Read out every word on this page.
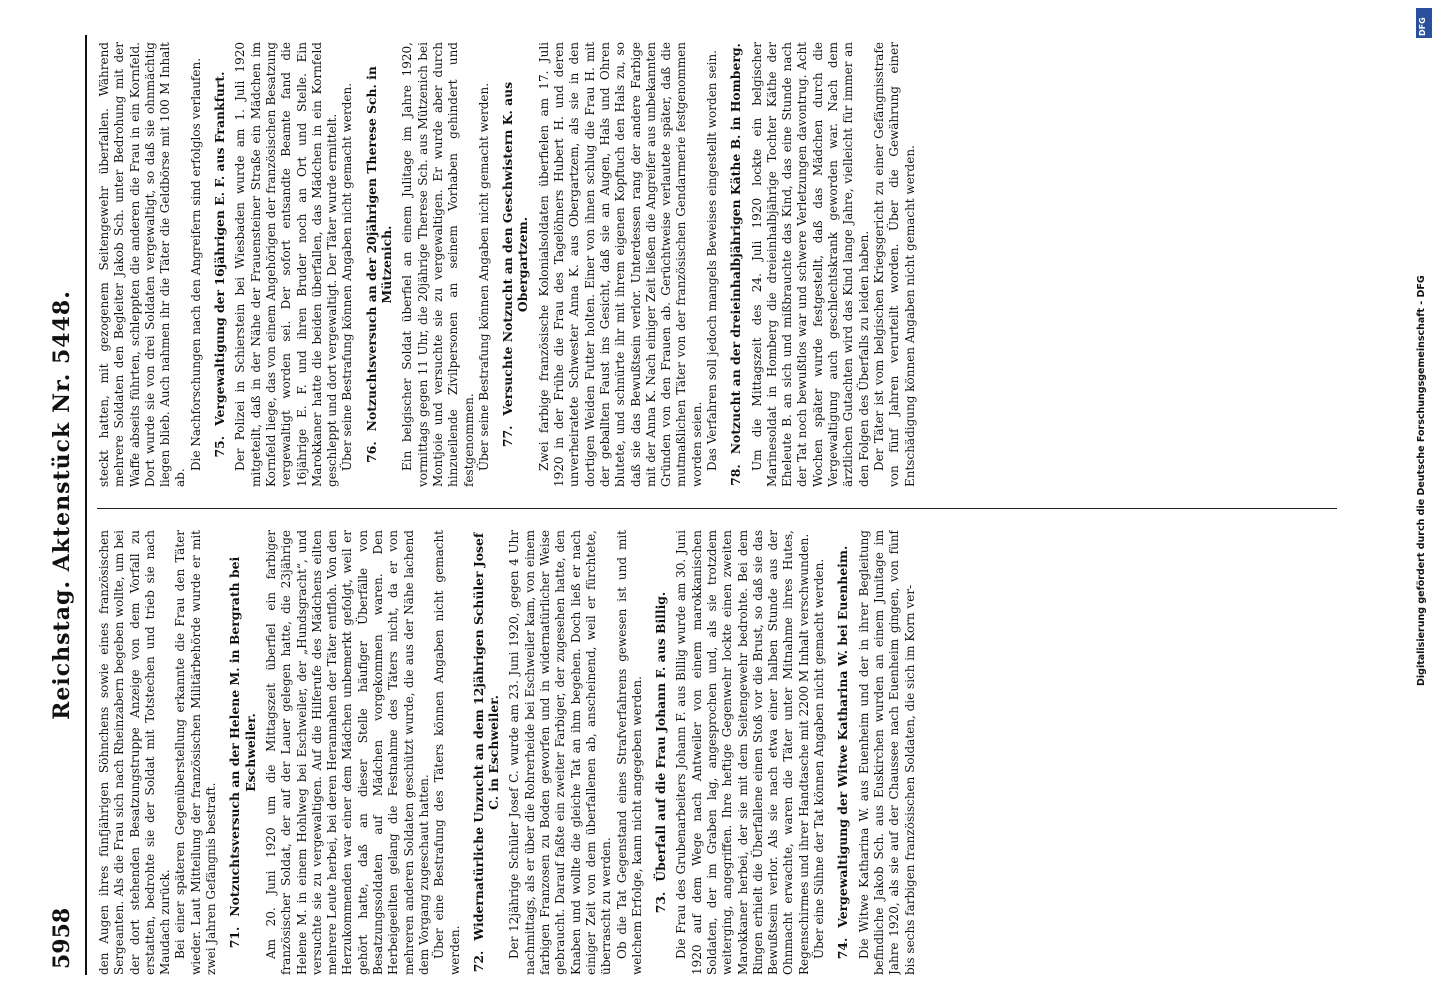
5958
Reichstag. Aktenstück Nr. 5448.

den Augen ihres fünfjährigen Söhnchens sowie eines französischen Sergeanten. Als die Frau sich nach Rheinzabern begeben wollte, um bei der dort stehenden Besatzungstruppe Anzeige von dem Vorfall zu erstatten, bedrohte sie der Soldat mit Totstechen und trieb sie nach Maudach zurück. Bei einer späteren Gegenüberstellung erkannte die Frau den Täter wieder. Laut Mitteilung der französischen Militärbehörde wurde er mit zwei Jahren Gefängnis bestraft. 71.Notzuchtsversuch an der Helene M. in Bergrath bei Eschweiler. Am 20. Juni 1920 um die Mittagszeit überfiel ein farbiger französischer Soldat, der auf der Lauer gelegen hatte, die 23jährige Helene M. in einem Hohlweg bei Eschweiler, der „Hundsgracht“, und versuchte sie zu vergewaltigen. Auf die Hilferufe des Mädchens eilten mehrere Leute herbei, bei deren Herannahen der Täter entfloh. Von den Herzukommenden war einer dem Mädchen unbemerkt gefolgt, weil er gehört hatte, daß an dieser Stelle häufiger Überfälle von Besatzungssoldaten auf Mädchen vorgekommen waren. Den Herbeigeeilten gelang die Festnahme des Täters nicht, da er von mehreren anderen Soldaten geschützt wurde, die aus der Nähe lachend dem Vorgang zugeschaut hatten. Über eine Bestrafung des Täters können Angaben nicht gemacht werden. 72.Widernatürliche Unzucht an dem 12jährigen Schüler Josef C. in Eschweiler. Der 12jährige Schüler Josef C. wurde am 23. Juni 1920, gegen 4 Uhr nachmittags, als er über die Rohrerheide bei Eschweiler kam, von einem farbigen Franzosen zu Boden geworfen und in widernatürlicher Weise gebraucht. Darauf faßte ein zweiter Farbiger, der zugesehen hatte, den Knaben und wollte die gleiche Tat an ihm begehen. Doch ließ er nach einiger Zeit von dem überfallenen ab, anscheinend, weil er fürchtete, überrascht zu werden. Ob die Tat Gegenstand eines Strafverfahrens gewesen ist und mit welchem Erfolge, kann nicht angegeben werden. 73.Überfall auf die Frau Johann F. aus Billig. Die Frau des Grubenarbeiters Johann F. aus Billig wurde am 30. Juni 1920 auf dem Wege nach Antweiler von einem marokkanischen Soldaten, der im Graben lag, angesprochen und, als sie trotzdem weiterging, angegriffen. Ihre heftige Gegenwehr lockte einen zweiten Marokkaner herbei, der sie mit dem Seitengewehr bedrohte. Bei dem Ringen erhielt die Überfallene einen Stoß vor die Brust, so daß sie das Bewußtsein verlor. Als sie nach etwa einer halben Stunde aus der Ohnmacht erwachte, waren die Täter unter Mitnahme ihres Hutes, Regenschirmes und ihrer Handtasche mit 2200 M Inhalt verschwunden. Über eine Sühne der Tat können Angaben nicht gemacht werden. 74.Vergewaltigung der Witwe Katharina W. bei Euenheim. Die Witwe Katharina W. aus Euenheim und der in ihrer Begleitung befindliche Jakob Sch. aus Euskirchen wurden an einem Junitage im Jahre 1920, als sie auf der Chaussee nach Euenheim gingen, von fünf bis sechs farbigen französischen Soldaten, die sich im Korn ver-

steckt hatten, mit gezogenem Seitengewehr überfallen. Während mehrere Soldaten den Begleiter Jakob Sch. unter Bedrohung mit der Waffe abseits führten, schleppten die anderen die Frau in ein Kornfeld. Dort wurde sie von drei Soldaten vergewaltigt, so daß sie ohnmächtig liegen blieb. Auch nahmen ihr die Täter die Geldbörse mit 100 M Inhalt ab.

Die Nachforschungen nach den Angreifern sind erfolglos verlaufen. 75.Vergewaltigung der 16jährigen E. F. aus Frankfurt. Der Polizei in Schierstein bei Wiesbaden wurde am 1. Juli 1920 mitgeteilt, daß in der Nähe der Frauensteiner Straße ein Mädchen im Kornfeld liege, das von einem Angehörigen der französischen Besatzung vergewaltigt worden sei. Der sofort entsandte Beamte fand die 16jährige E. F. und ihren Bruder noch an Ort und Stelle. Ein Marokkaner hatte die beiden überfallen, das Mädchen in ein Kornfeld geschleppt und dort vergewaltigt. Der Täter wurde ermittelt. Über seine Bestrafung können Angaben nicht gemacht werden. 76.Notzuchtsversuch an der 20jährigen Therese Sch. in Mützenich. Ein belgischer Soldat überfiel an einem Julitage im Jahre 1920, vormittags gegen 11 Uhr, die 20jährige Therese Sch. aus Mützenich bei Montjoie und versuchte sie zu vergewaltigen. Er wurde aber durch hinzueilende Zivilpersonen an seinem Vorhaben gehindert und festgenommen. Über seine Bestrafung können Angaben nicht gemacht werden. 77.Versuchte Notzucht an den Geschwistern K. aus Obergartzem. Zwei farbige französische Kolonialsoldaten überfielen am 17. Juli 1920 in der Frühe die Frau des Tagelöhners Hubert H. und deren unverheiratete Schwester Anna K. aus Obergartzem, als sie in den dortigen Weiden Futter holten. Einer von ihnen schlug die Frau H. mit der geballten Faust ins Gesicht, daß sie an Augen, Hals und Ohren blutete, und schnürte ihr mit ihrem eigenen Kopftuch den Hals zu, so daß sie das Bewußtsein verlor. Unterdessen rang der andere Farbige mit der Anna K. Nach einiger Zeit ließen die Angreifer aus unbekannten Gründen von den Frauen ab. Gerüchtweise verlautete später, daß die mutmaßlichen Täter von der französischen Gendarmerie festgenommen worden seien. Das Verfahren soll jedoch mangels Beweises eingestellt worden sein.

78.Notzucht an der dreieinhalbjährigen Käthe B. in Homberg. Um die Mittagszeit des 24. Juli 1920 lockte ein belgischer Marinesoldat in Homberg die dreieinhalbjährige Tochter Käthe der Eheleute B. an sich und mißbrauchte das Kind, das eine Stunde nach der Tat noch bewußtlos war und schwere Verletzungen davontrug. Acht Wochen später wurde festgestellt, daß das Mädchen durch die Vergewaltigung auch geschlechtskrank geworden war. Nach dem ärztlichen Gutachten wird das Kind lange Jahre, vielleicht für immer an den Folgen des Überfalls zu leiden haben. Der Täter ist vom belgischen Kriegsgericht zu einer Gefängnisstrafe von fünf Jahren verurteilt worden. Über die Gewährung einer Entschädigung können Angaben nicht gemacht werden.	Digitalisierung gefördert durch die Deutsche Forschungsgemeinschaft - DFG
DFG
